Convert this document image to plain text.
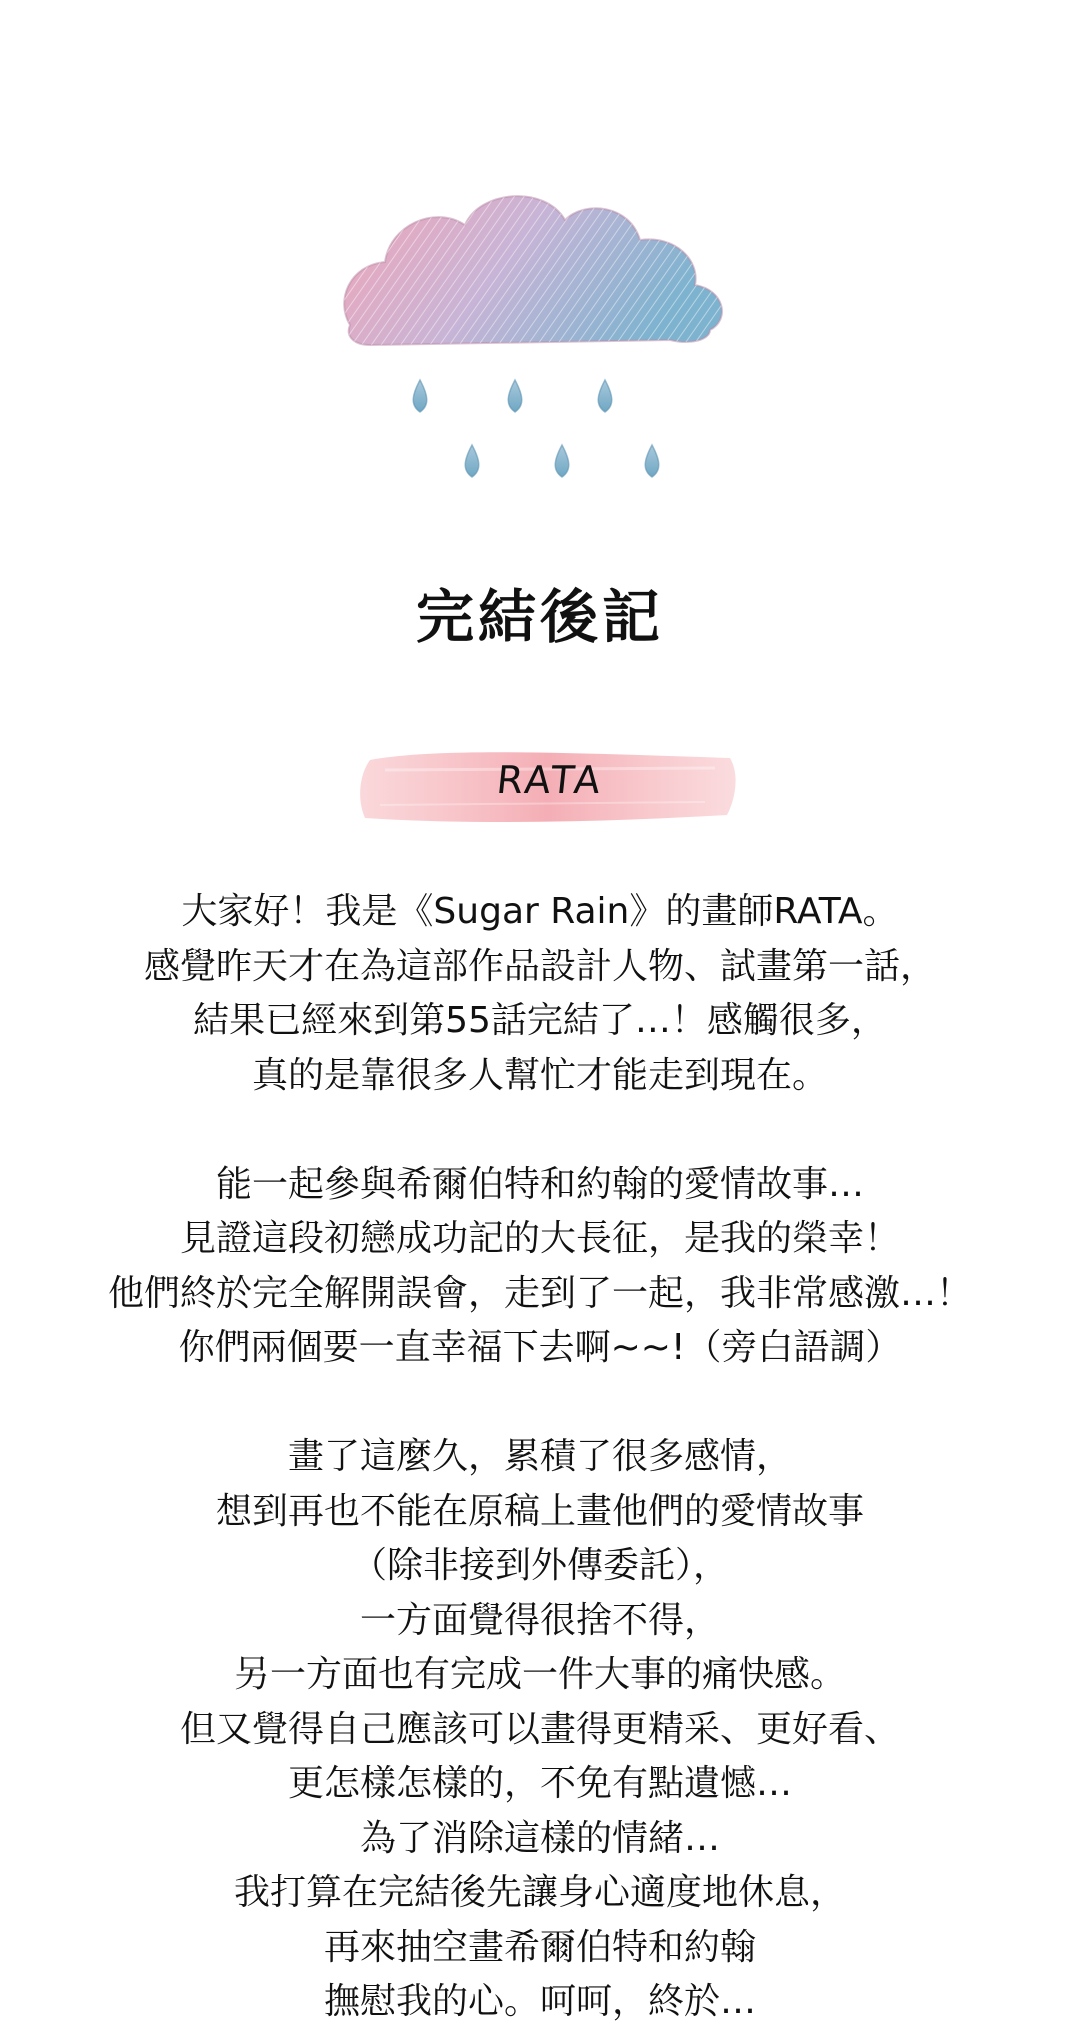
完結後記
RATA
大家好！我是《Sugar Rain》的畫師RATA。
感覺昨天才在為這部作品設計人物、試畫第一話，
結果已經來到第55話完結了…！感觸很多，
真的是靠很多人幫忙才能走到現在。
能一起參與希爾伯特和約翰的愛情故事…
見證這段初戀成功記的大長征，是我的榮幸！
他們終於完全解開誤會，走到了一起，我非常感激…！
你們兩個要一直幸福下去啊~~!（旁白語調）
畫了這麼久，累積了很多感情，
想到再也不能在原稿上畫他們的愛情故事
（除非接到外傳委託），
一方面覺得很捨不得，
另一方面也有完成一件大事的痛快感。
但又覺得自己應該可以畫得更精采、更好看、
更怎樣怎樣的，不免有點遺憾…
為了消除這樣的情緒…
我打算在完結後先讓身心適度地休息，
再來抽空畫希爾伯特和約翰
撫慰我的心。呵呵，終於…
